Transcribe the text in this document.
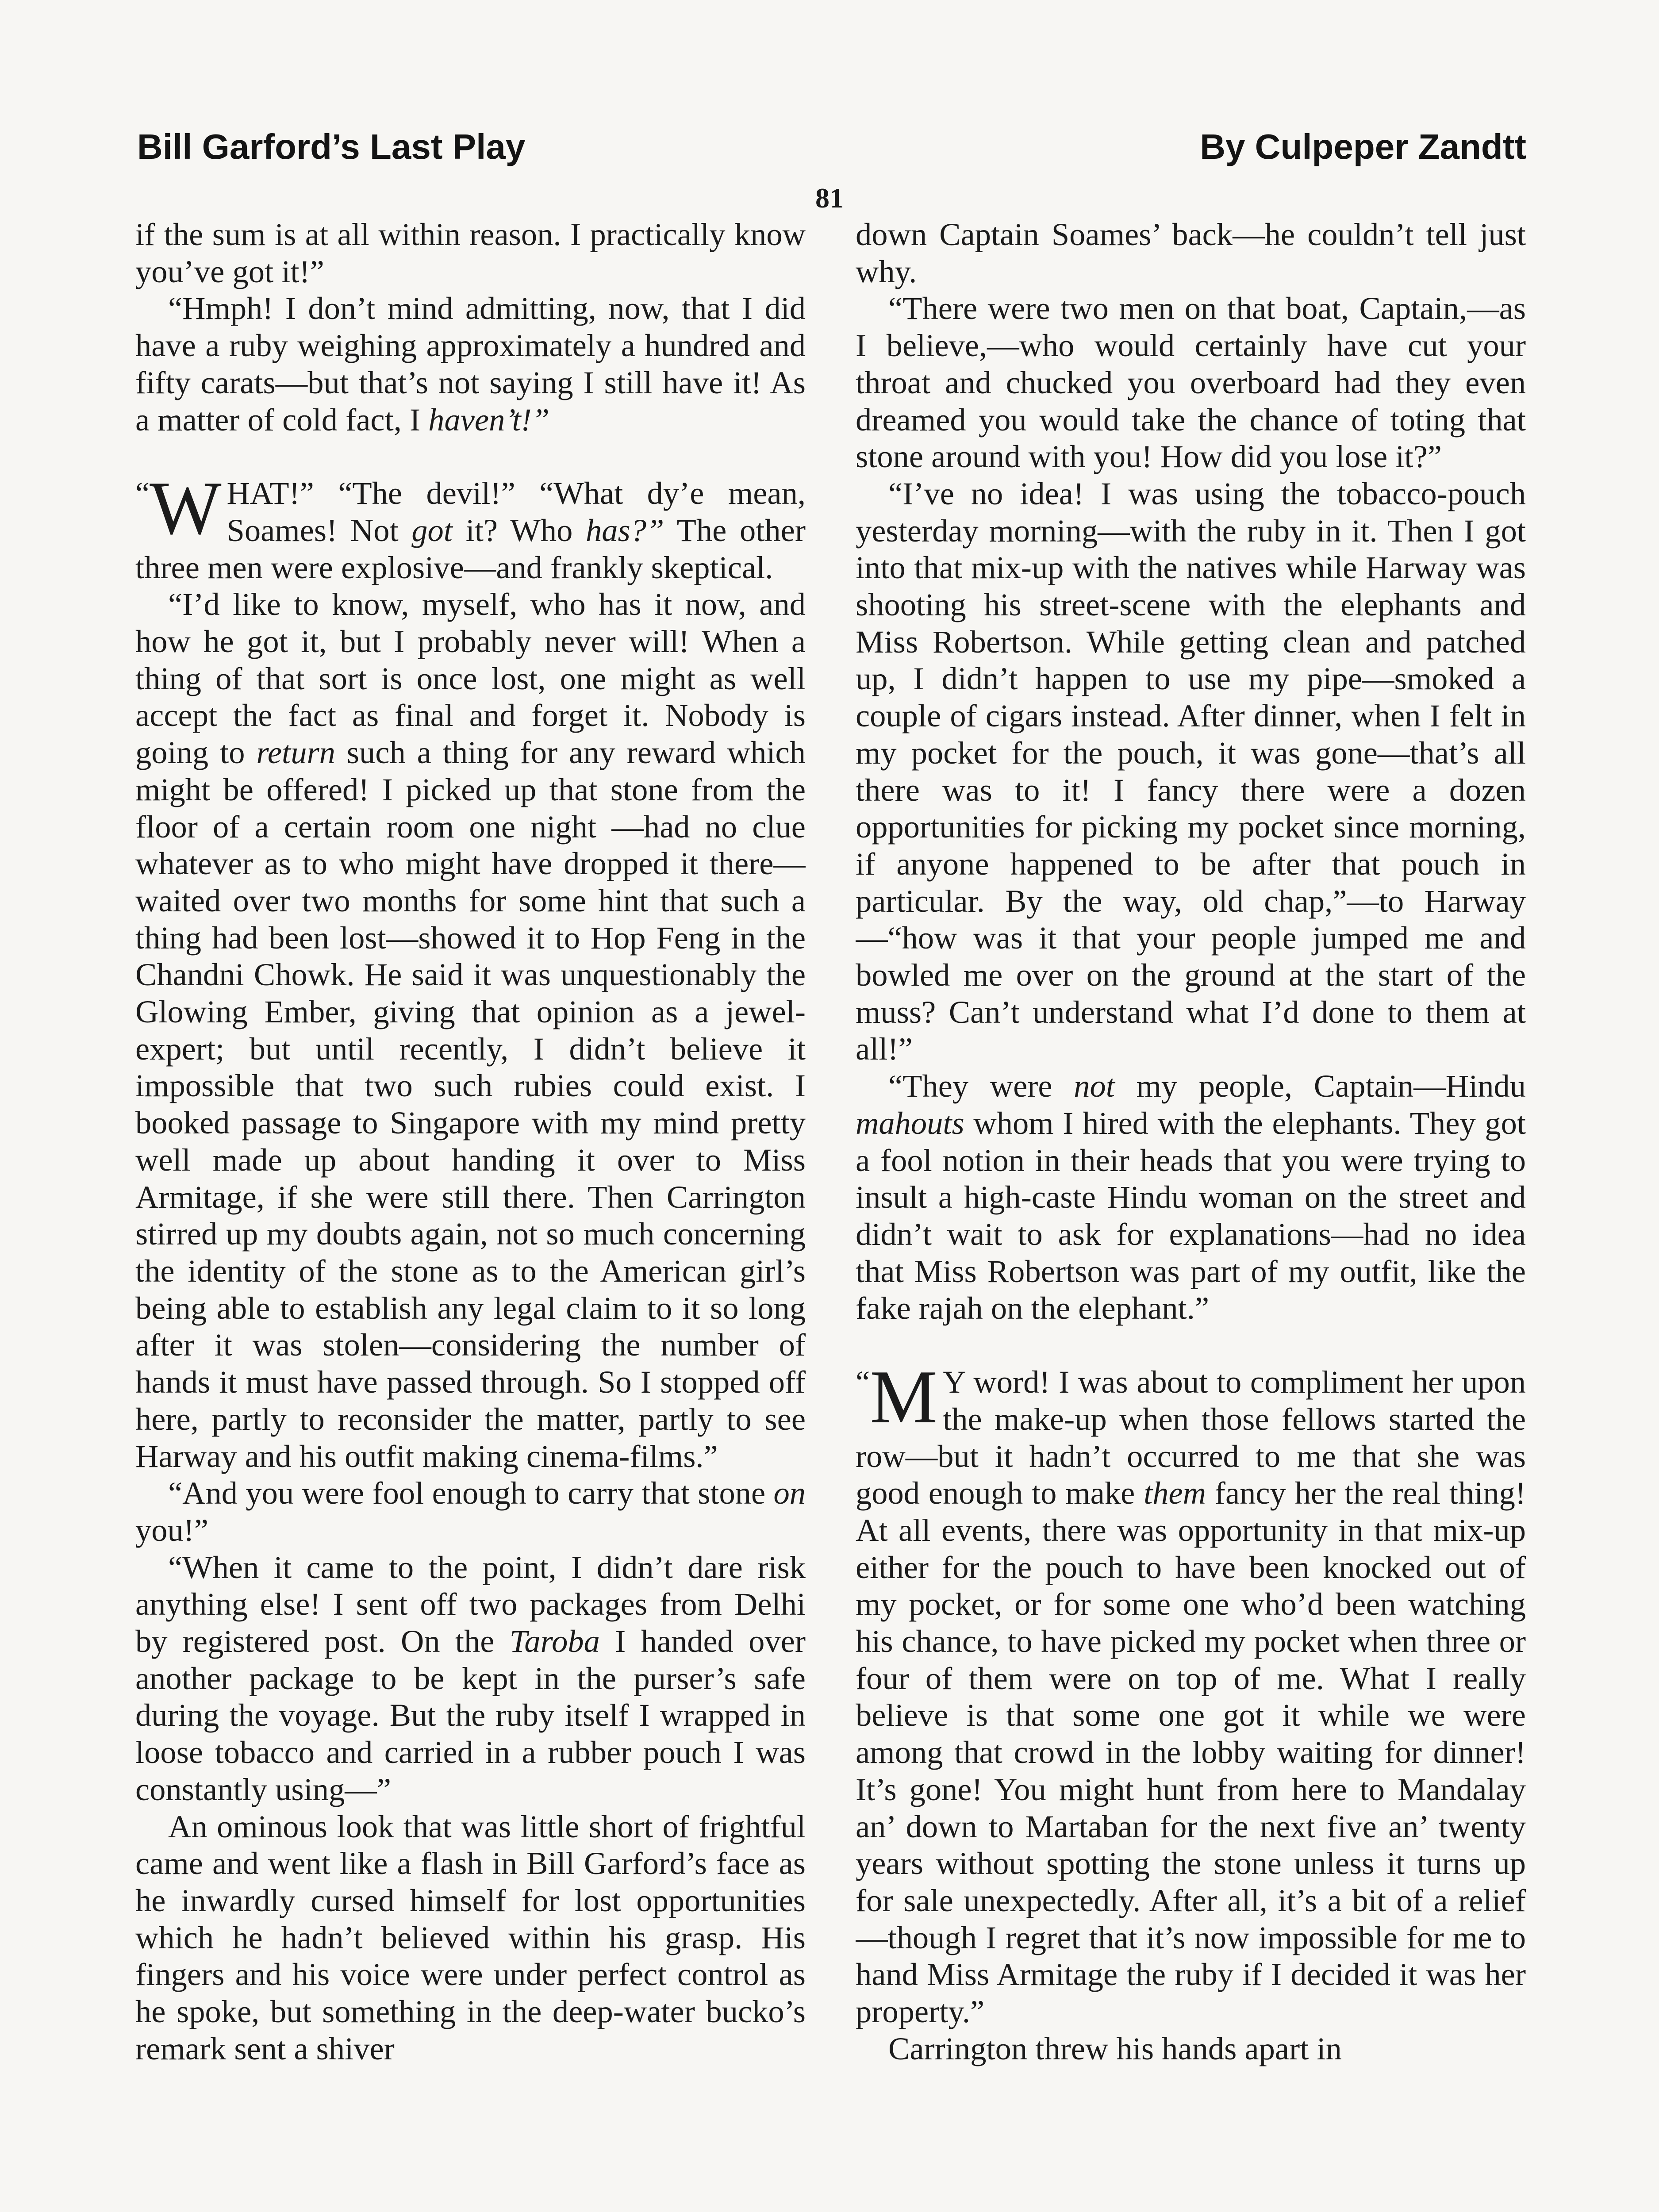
Bill Garford’s Last Play	By Culpeper Zandtt
81

if the sum is at all within reason. I practically know you’ve got it!”

“Hmph! I don’t mind admitting, now, that I did have a ruby weighing approximately a hundred and fifty carats—but that’s not saying I still have it! As a matter of cold fact, I haven’t!”

“ W HAT!” “The devil!” “What dy’e mean, Soames! Not got it? Who has?” The other three men were explosive—and frankly skeptical.

“I’d like to know, myself, who has it now, and how he got it, but I probably never will! When a thing of that sort is once lost, one might as well accept the fact as final and forget it. Nobody is going to return such a thing for any reward which might be offered! I picked up that stone from the floor of a certain room one night —had no clue whatever as to who might have dropped it there—waited over two months for some hint that such a thing had been lost—showed it to Hop Feng in the Chandni Chowk. He said it was unquestionably the Glowing Ember, giving that opinion as a jewel-expert; but until recently, I didn’t believe it impossible that two such rubies could exist. I booked passage to Singapore with my mind pretty well made up about handing it over to Miss Armitage, if she were still there. Then Carrington stirred up my doubts again, not so much concerning the identity of the stone as to the American girl’s being able to establish any legal claim to it so long after it was stolen—considering the number of hands it must have passed through. So I stopped off here, partly to reconsider the matter, partly to see Harway and his outfit making cinema-films.”

“And you were fool enough to carry that stone on you!”

“When it came to the point, I didn’t dare risk anything else! I sent off two packages from Delhi by registered post. On the Taroba I handed over another package to be kept in the purser’s safe during the voyage. But the ruby itself I wrapped in loose tobacco and carried in a rubber pouch I was constantly using—”

An ominous look that was little short of frightful came and went like a flash in Bill Garford’s face as he inwardly cursed himself for lost opportunities which he hadn’t believed within his grasp. His fingers and his voice were under perfect control as he spoke, but something in the deep-water bucko’s remark sent a shiver

down Captain Soames’ back—he couldn’t tell just why.

“There were two men on that boat, Captain,—as I believe,—who would certainly have cut your throat and chucked you overboard had they even dreamed you would take the chance of toting that stone around with you! How did you lose it?”

“I’ve no idea! I was using the tobacco-pouch yesterday morning—with the ruby in it. Then I got into that mix-up with the natives while Harway was shooting his street-scene with the elephants and Miss Robertson. While getting clean and patched up, I didn’t happen to use my pipe—smoked a couple of cigars instead. After dinner, when I felt in my pocket for the pouch, it was gone—that’s all there was to it! I fancy there were a dozen opportunities for picking my pocket since morning, if anyone happened to be after that pouch in particular. By the way, old chap,”—to Harway—“how was it that your people jumped me and bowled me over on the ground at the start of the muss? Can’t understand what I’d done to them at all!”

“They were not my people, Captain—Hindu mahouts whom I hired with the elephants. They got a fool notion in their heads that you were trying to insult a high-caste Hindu woman on the street and didn’t wait to ask for explanations—had no idea that Miss Robertson was part of my outfit, like the fake rajah on the elephant.”

“ M Y word! I was about to compliment her upon the make-up when those fellows started the row—but it hadn’t occurred to me that she was good enough to make them fancy her the real thing! At all events, there was opportunity in that mix-up either for the pouch to have been knocked out of my pocket, or for some one who’d been watching his chance, to have picked my pocket when three or four of them were on top of me. What I really believe is that some one got it while we were among that crowd in the lobby waiting for dinner! It’s gone! You might hunt from here to Mandalay an’ down to Martaban for the next five an’ twenty years without spotting the stone unless it turns up for sale unexpectedly. After all, it’s a bit of a relief—though I regret that it’s now impossible for me to hand Miss Armitage the ruby if I decided it was her property.”

Carrington threw his hands apart in
